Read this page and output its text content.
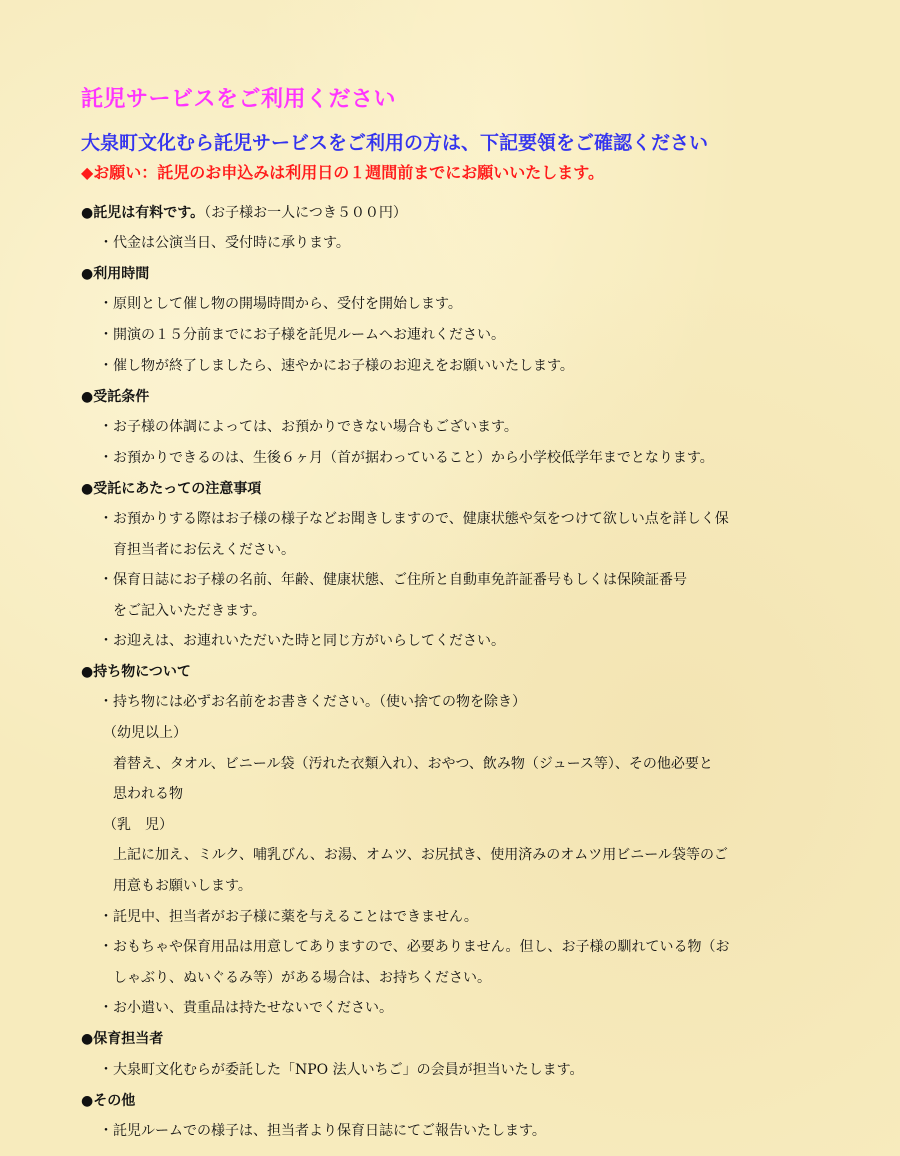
託児サービスをご利用ください
大泉町文化むら託児サービスをご利用の方は、下記要領をご確認ください
◆お願い：託児のお申込みは利用日の１週間前までにお願いいたします。
●託児は有料です。（お子様お一人につき５００円）
・代金は公演当日、受付時に承ります。
●利用時間
・原則として催し物の開場時間から、受付を開始します。
・開演の１５分前までにお子様を託児ルームへお連れください。
・催し物が終了しましたら、速やかにお子様のお迎えをお願いいたします。
●受託条件
・お子様の体調によっては、お預かりできない場合もございます。
・お預かりできるのは、生後６ヶ月（首が据わっていること）から小学校低学年までとなります。
●受託にあたっての注意事項
・お預かりする際はお子様の様子などお聞きしますので、健康状態や気をつけて欲しい点を詳しく保
育担当者にお伝えください。
・保育日誌にお子様の名前、年齢、健康状態、ご住所と自動車免許証番号もしくは保険証番号
をご記入いただきます。
・お迎えは、お連れいただいた時と同じ方がいらしてください。
●持ち物について
・持ち物には必ずお名前をお書きください。（使い捨ての物を除き）
（幼児以上）
着替え、タオル、ビニール袋（汚れた衣類入れ）、おやつ、飲み物（ジュース等）、その他必要と
思われる物
（乳　児）
上記に加え、ミルク、哺乳びん、お湯、オムツ、お尻拭き、使用済みのオムツ用ビニール袋等のご
用意もお願いします。
・託児中、担当者がお子様に薬を与えることはできません。
・おもちゃや保育用品は用意してありますので、必要ありません。但し、お子様の馴れている物（お
しゃぶり、ぬいぐるみ等）がある場合は、お持ちください。
・お小遣い、貴重品は持たせないでください。
●保育担当者
・大泉町文化むらが委託した「NPO 法人いちご」の会員が担当いたします。
●その他
・託児ルームでの様子は、担当者より保育日誌にてご報告いたします。
